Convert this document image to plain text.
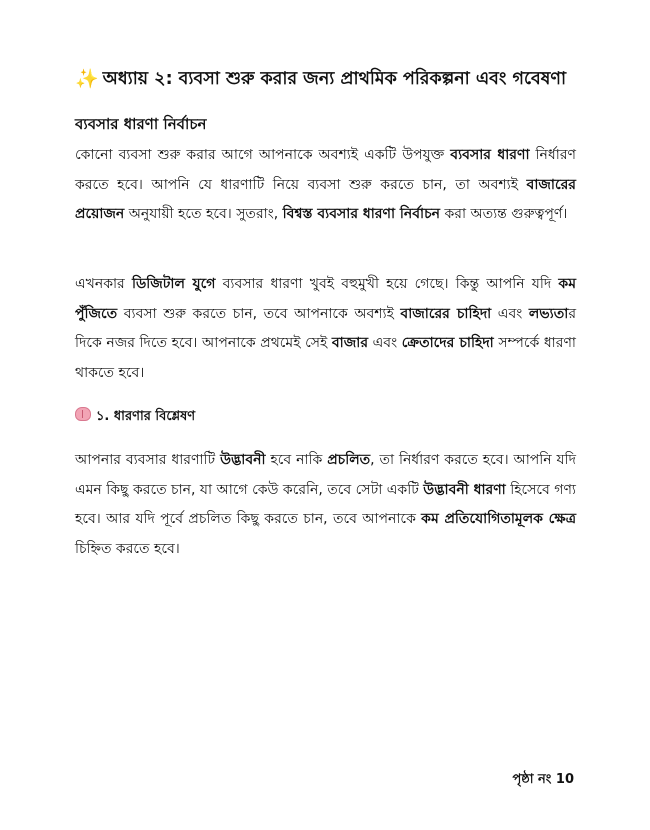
✨ অধ্যায় ২: ব্যবসা শুরু করার জন্য প্রাথমিক পরিকল্পনা এবং গবেষণা
ব্যবসার ধারণা নির্বাচন

কোনো ব্যবসা শুরু করার আগে আপনাকে অবশ্যই একটি উপযুক্ত ব্যবসার ধারণা নির্ধারণ করতে হবে। আপনি যে ধারণাটি নিয়ে ব্যবসা শুরু করতে চান, তা অবশ্যই বাজারের প্রয়োজন অনুযায়ী হতে হবে। সুতরাং, বিশ্বস্ত ব্যবসার ধারণা নির্বাচন করা অত্যন্ত গুরুত্বপূর্ণ।

এখনকার ডিজিটাল যুগে ব্যবসার ধারণা খুবই বহুমুখী হয়ে গেছে। কিন্তু আপনি যদি কম পুঁজিতে ব্যবসা শুরু করতে চান, তবে আপনাকে অবশ্যই বাজারের চাহিদা এবং লভ্যতার দিকে নজর দিতে হবে। আপনাকে প্রথমেই সেই বাজার এবং ক্রেতাদের চাহিদা সম্পর্কে ধারণা থাকতে হবে।

১. ধারণার বিশ্লেষণ

আপনার ব্যবসার ধারণাটি উদ্ভাবনী হবে নাকি প্রচলিত, তা নির্ধারণ করতে হবে। আপনি যদি এমন কিছু করতে চান, যা আগে কেউ করেনি, তবে সেটা একটি উদ্ভাবনী ধারণা হিসেবে গণ্য হবে। আর যদি পূর্বে প্রচলিত কিছু করতে চান, তবে আপনাকে কম প্রতিযোগিতামূলক ক্ষেত্র চিহ্নিত করতে হবে।

পৃষ্ঠা নং 10
